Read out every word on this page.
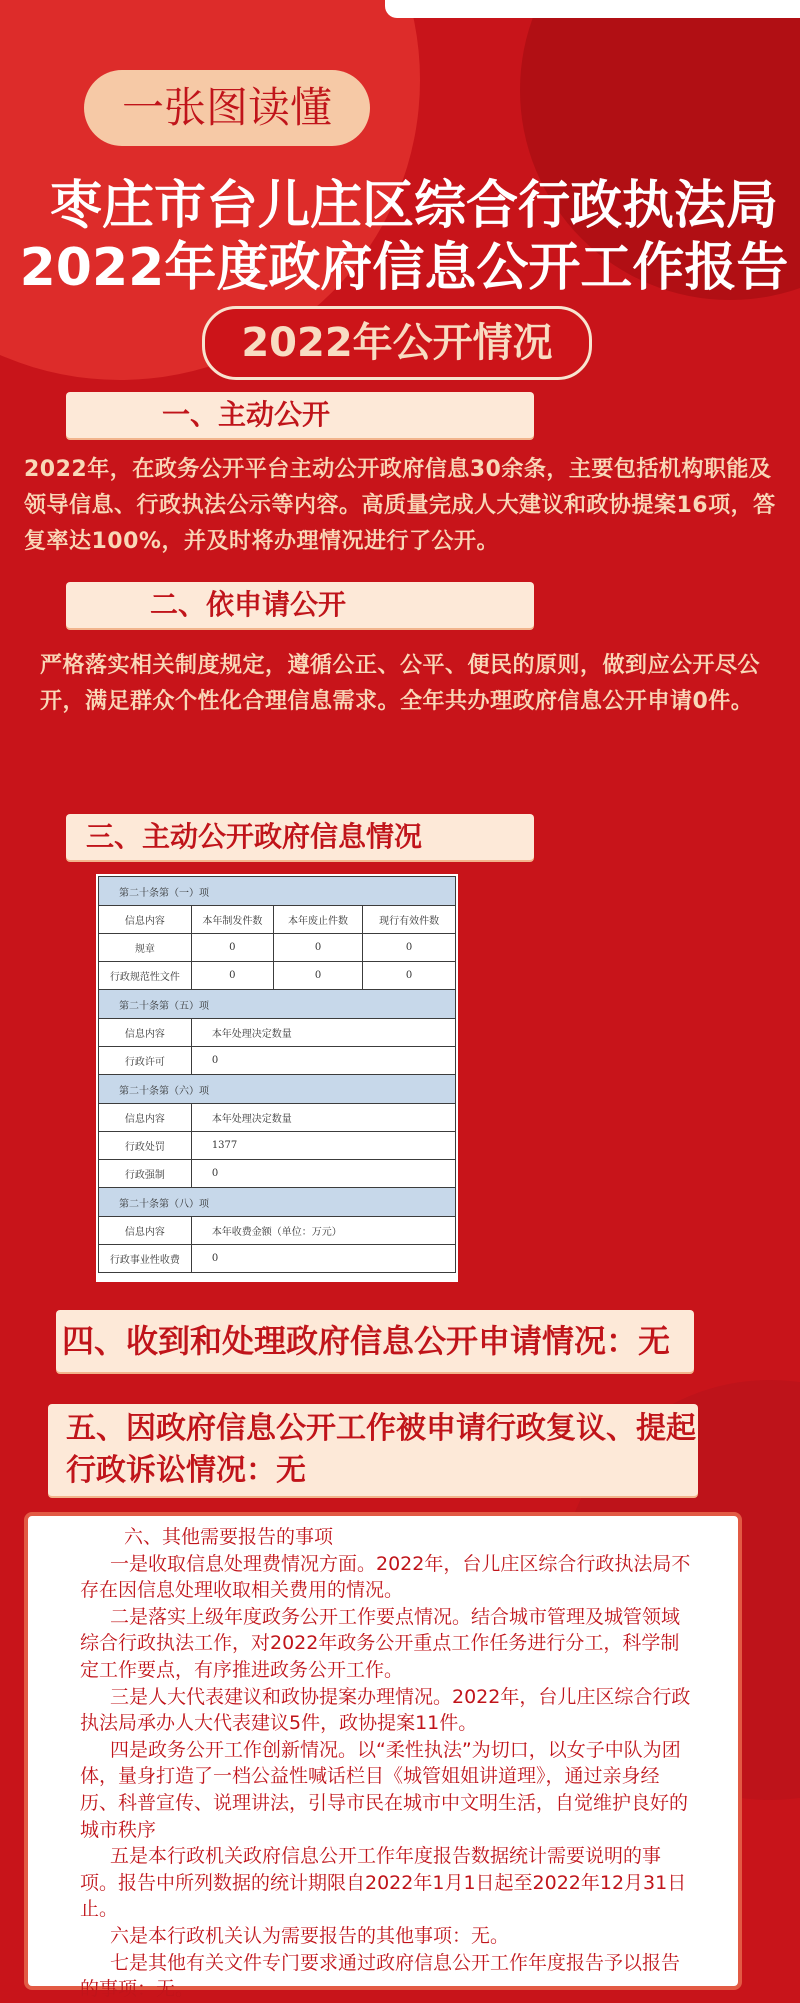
一张图读懂
枣庄市台儿庄区综合行政执法局
2022年度政府信息公开工作报告
2022年公开情况
一、主动公开
2022年，在政务公开平台主动公开政府信息30余条，主要包括机构职能及领导信息、行政执法公示等内容。高质量完成人大建议和政协提案16项，答复率达100%，并及时将办理情况进行了公开。
二、依申请公开
严格落实相关制度规定，遵循公正、公平、便民的原则，做到应公开尽公开，满足群众个性化合理信息需求。全年共办理政府信息公开申请0件。
三、主动公开政府信息情况
第二十条第（一）项			
信息内容	本年制发件数	本年废止件数	现行有效件数
规章	0	0	0
行政规范性文件	0	0	0
第二十条第（五）项			
信息内容	本年处理决定数量		
行政许可	0		
第二十条第（六）项			
信息内容	本年处理决定数量		
行政处罚	1377		
行政强制	0		
第二十条第（八）项			
信息内容	本年收费金额（单位：万元）		
行政事业性收费	0		
四、收到和处理政府信息公开申请情况：无
五、因政府信息公开工作被申请行政复议、提起行政诉讼情况：无

六、其他需要报告的事项

一是收取信息处理费情况方面。2022年，台儿庄区综合行政执法局不存在因信息处理收取相关费用的情况。

二是落实上级年度政务公开工作要点情况。结合城市管理及城管领域综合行政执法工作，对2022年政务公开重点工作任务进行分工，科学制定工作要点，有序推进政务公开工作。

三是人大代表建议和政协提案办理情况。2022年，台儿庄区综合行政执法局承办人大代表建议5件，政协提案11件。

四是政务公开工作创新情况。以“柔性执法”为切口，以女子中队为团体，量身打造了一档公益性喊话栏目《城管姐姐讲道理》，通过亲身经历、科普宣传、说理讲法，引导市民在城市中文明生活，自觉维护良好的城市秩序

五是本行政机关政府信息公开工作年度报告数据统计需要说明的事项。报告中所列数据的统计期限自2022年1月1日起至2022年12月31日止。

六是本行政机关认为需要报告的其他事项：无。

七是其他有关文件专门要求通过政府信息公开工作年度报告予以报告的事项：无。
